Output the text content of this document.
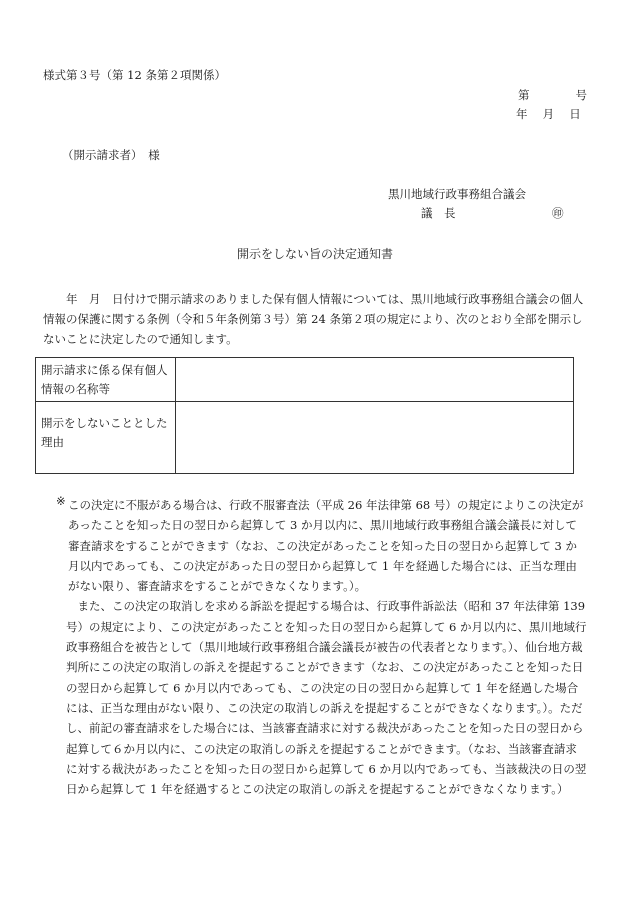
様式第３号（第 12 条第２項関係）
第　　　　号
年　 月　 日
（開示請求者）　様
黒川地域行政事務組合議会
議　長	㊞
開示をしない旨の決定通知書
年　月　日付けで開示請求のありました保有個人情報については、黒川地域行政事務組合議会の個人情報の保護に関する条例（令和５年条例第３号）第 24 条第２項の規定により、次のとおり全部を開示しないことに決定したので通知します。
開示請求に係る保有個人情報の名称等	
開示をしないこととした理由	
※ この決定に不服がある場合は、行政不服審査法（平成 26 年法律第 68 号）の規定によりこの決定があったことを知った日の翌日から起算して 3 か月以内に、黒川地域行政事務組合議会議長に対して審査請求をすることができます（なお、この決定があったことを知った日の翌日から起算して 3 か月以内であっても、この決定があった日の翌日から起算して 1 年を経過した場合には、正当な理由がない限り、審査請求をすることができなくなります。）。

また、この決定の取消しを求める訴訟を提起する場合は、行政事件訴訟法（昭和 37 年法律第 139 号）の規定により、この決定があったことを知った日の翌日から起算して 6 か月以内に、黒川地域行政事務組合を被告として（黒川地域行政事務組合議会議長が被告の代表者となります。）、仙台地方裁判所にこの決定の取消しの訴えを提起することができます（なお、この決定があったことを知った日の翌日から起算して 6 か月以内であっても、この決定の日の翌日から起算して 1 年を経過した場合には、正当な理由がない限り、この決定の取消しの訴えを提起することができなくなります。）。ただし、前記の審査請求をした場合には、当該審査請求に対する裁決があったことを知った日の翌日から起算して６か月以内に、この決定の取消しの訴えを提起することができます。（なお、当該審査請求に対する裁決があったことを知った日の翌日から起算して 6 か月以内であっても、当該裁決の日の翌日から起算して 1 年を経過するとこの決定の取消しの訴えを提起することができなくなります。）
